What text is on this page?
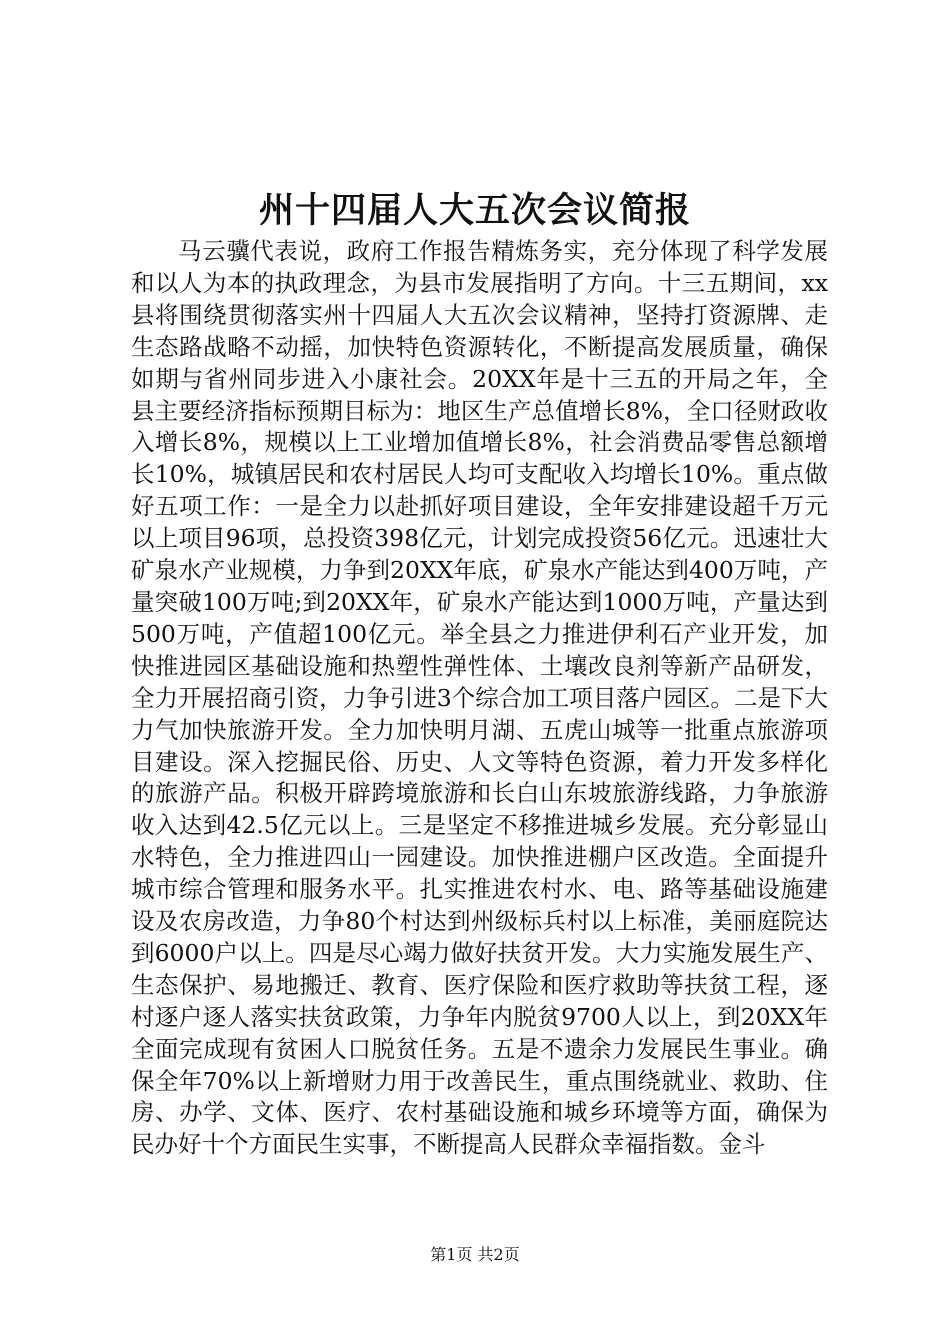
州十四届人大五次会议简报

马云骥代表说，政府工作报告精炼务实，充分体现了科学发展和以人为本的执政理念，为县市发展指明了方向。十三五期间，xx县将围绕贯彻落实州十四届人大五次会议精神，坚持打资源牌、走生态路战略不动摇，加快特色资源转化，不断提高发展质量，确保如期与省州同步进入小康社会。20XX年是十三五的开局之年，全县主要经济指标预期目标为：地区生产总值增长8%，全口径财政收入增长8%，规模以上工业增加值增长8%，社会消费品零售总额增长10%，城镇居民和农村居民人均可支配收入均增长10%。重点做好五项工作：一是全力以赴抓好项目建设，全年安排建设超千万元以上项目96项，总投资398亿元，计划完成投资56亿元。迅速壮大矿泉水产业规模，力争到20XX年底，矿泉水产能达到400万吨，产量突破100万吨;到20XX年，矿泉水产能达到1000万吨，产量达到500万吨，产值超100亿元。举全县之力推进伊利石产业开发，加快推进园区基础设施和热塑性弹性体、土壤改良剂等新产品研发，全力开展招商引资，力争引进3个综合加工项目落户园区。二是下大力气加快旅游开发。全力加快明月湖、五虎山城等一批重点旅游项目建设。深入挖掘民俗、历史、人文等特色资源，着力开发多样化的旅游产品。积极开辟跨境旅游和长白山东坡旅游线路，力争旅游收入达到42.5亿元以上。三是坚定不移推进城乡发展。充分彰显山水特色，全力推进四山一园建设。加快推进棚户区改造。全面提升城市综合管理和服务水平。扎实推进农村水、电、路等基础设施建设及农房改造，力争80个村达到州级标兵村以上标准，美丽庭院达到6000户以上。四是尽心竭力做好扶贫开发。大力实施发展生产、生态保护、易地搬迁、教育、医疗保险和医疗救助等扶贫工程，逐村逐户逐人落实扶贫政策，力争年内脱贫9700人以上，到20XX年全面完成现有贫困人口脱贫任务。五是不遗余力发展民生事业。确保全年70%以上新增财力用于改善民生，重点围绕就业、救助、住房、办学、文体、医疗、农村基础设施和城乡环境等方面，确保为民办好十个方面民生实事，不断提高人民群众幸福指数。金斗

第1页 共2页
